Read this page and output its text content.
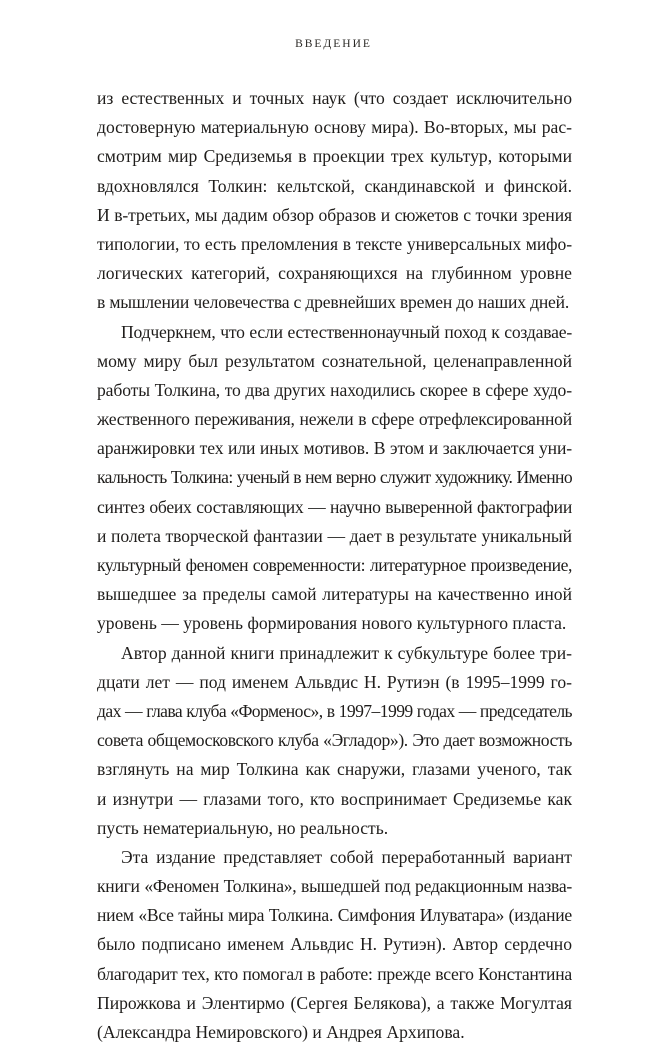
ВВЕДЕНИЕ
из естественных и точных наук (что создает исключительно
достоверную материальную основу мира). Во-вторых, мы рас-
смотрим мир Средиземья в проекции трех культур, которыми
вдохновлялся Толкин: кельтской, скандинавской и финской.
И в-третьих, мы дадим обзор образов и сюжетов с точки зрения
типологии, то есть преломления в тексте универсальных мифо-
логических категорий, сохраняющихся на глубинном уровне
в мышлении человечества с древнейших времен до наших дней.
Подчеркнем, что если естественнонаучный поход к создавае-
мому миру был результатом сознательной, целенаправленной
работы Толкина, то два других находились скорее в сфере худо-
жественного переживания, нежели в сфере отрефлексированной
аранжировки тех или иных мотивов. В этом и заключается уни-
кальность Толкина: ученый в нем верно служит художнику. Именно
синтез обеих составляющих — научно выверенной фактографии
и полета творческой фантазии — дает в результате уникальный
культурный феномен современности: литературное произведение,
вышедшее за пределы самой литературы на качественно иной
уровень — уровень формирования нового культурного пласта.
Автор данной книги принадлежит к субкультуре более три-
дцати лет — под именем Альвдис Н. Рутиэн (в 1995–1999 го-
дах — глава клуба «Форменос», в 1997–1999 годах — председатель
совета общемосковского клуба «Эгладор»). Это дает возможность
взглянуть на мир Толкина как снаружи, глазами ученого, так
и изнутри — глазами того, кто воспринимает Средиземье как
пусть нематериальную, но реальность.
Эта издание представляет собой переработанный вариант
книги «Феномен Толкина», вышедшей под редакционным назва-
нием «Все тайны мира Толкина. Симфония Илуватара» (издание
было подписано именем Альвдис Н. Рутиэн). Автор сердечно
благодарит тех, кто помогал в работе: прежде всего Константина
Пирожкова и Элентирмо (Сергея Белякова), а также Могултая
(Александра Немировского) и Андрея Архипова.
